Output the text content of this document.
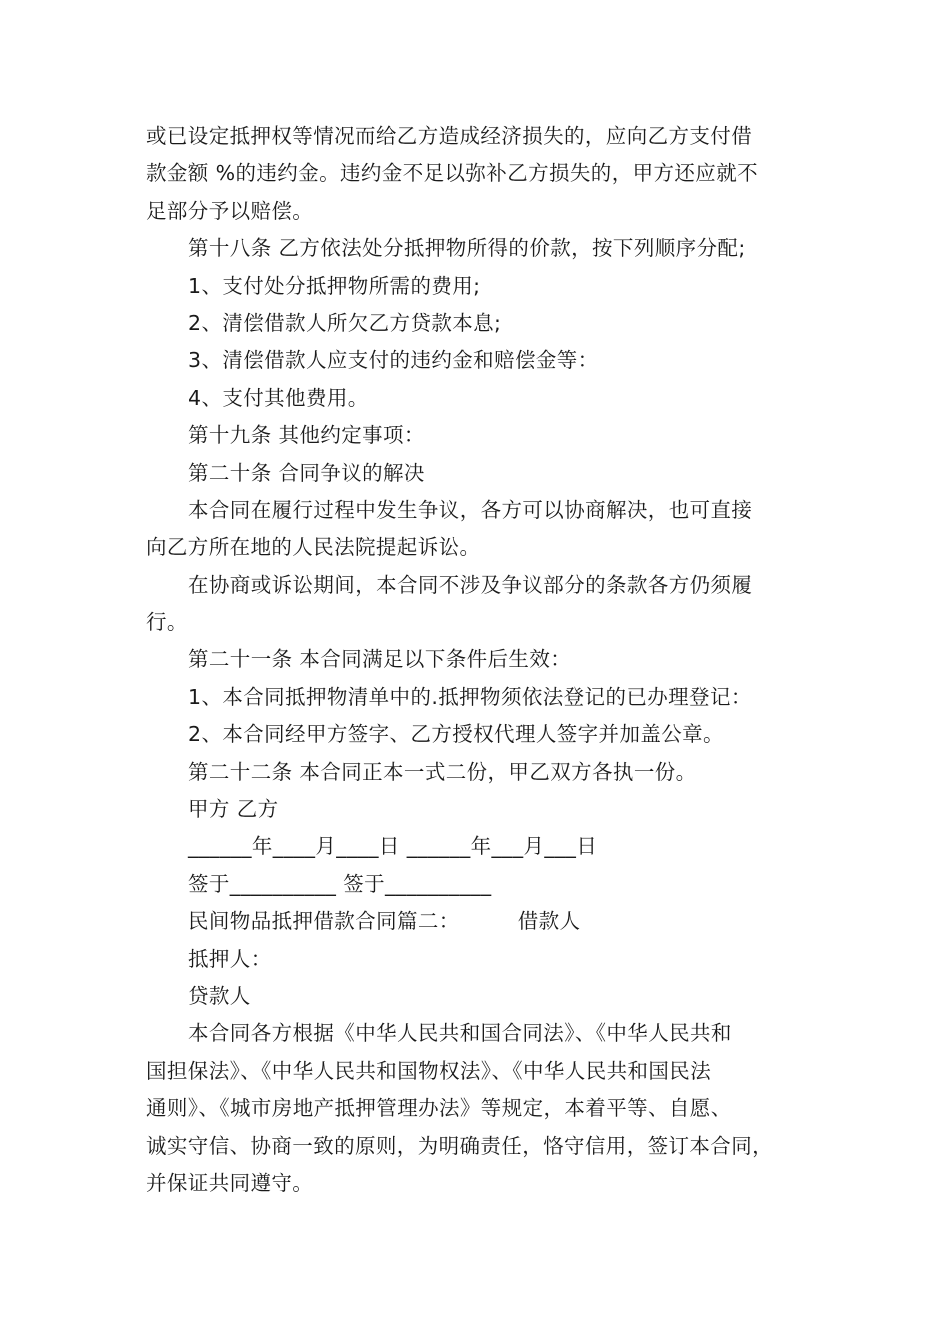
或已设定抵押权等情况而给乙方造成经济损失的，应向乙方支付借
款金额 %的违约金。违约金不足以弥补乙方损失的，甲方还应就不
足部分予以赔偿。
第十八条 乙方依法处分抵押物所得的价款，按下列顺序分配;
1、支付处分抵押物所需的费用;
2、清偿借款人所欠乙方贷款本息;
3、清偿借款人应支付的违约金和赔偿金等：
4、支付其他费用。
第十九条 其他约定事项：
第二十条 合同争议的解决
本合同在履行过程中发生争议，各方可以协商解决，也可直接
向乙方所在地的人民法院提起诉讼。
在协商或诉讼期间，本合同不涉及争议部分的条款各方仍须履
行。
第二十一条 本合同满足以下条件后生效：
1、本合同抵押物清单中的.抵押物须依法登记的已办理登记：
2、本合同经甲方签字、乙方授权代理人签字并加盖公章。
第二十二条 本合同正本一式二份，甲乙双方各执一份。
甲方 乙方
______年____月____日 ______年___月___日
签于__________ 签于__________
民间物品抵押借款合同篇二：	借款人
抵押人：
贷款人
本合同各方根据《中华人民共和国合同法》、《中华人民共和
国担保法》、《中华人民共和国物权法》、《中华人民共和国民法
通则》、《城市房地产抵押管理办法》等规定，本着平等、自愿、
诚实守信、协商一致的原则，为明确责任，恪守信用，签订本合同，
并保证共同遵守。
